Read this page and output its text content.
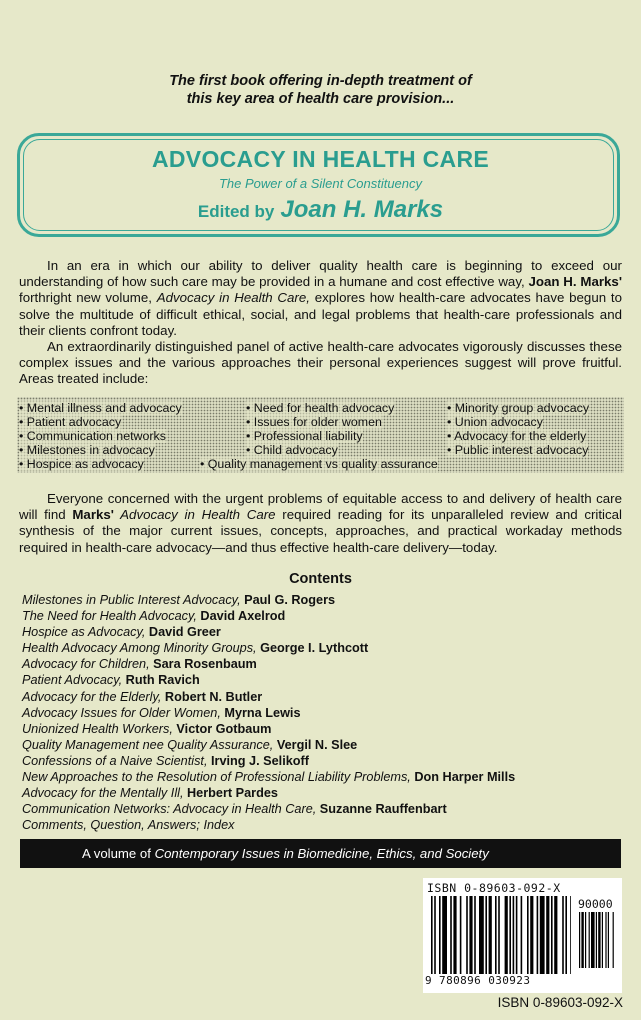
The first book offering in-depth treatment of
this key area of health care provision...
ADVOCACY IN HEALTH CARE
The Power of a Silent Constituency
Edited by Joan H. Marks

In an era in which our ability to deliver quality health care is beginning to exceed our understanding of how such care may be provided in a humane and cost effective way, Joan H. Marks' forthright new volume, Advocacy in Health Care, explores how health-care advocates have begun to solve the multitude of difficult ethical, social, and legal problems that health-care professionals and their clients confront today.

An extraordinarily distinguished panel of active health-care advocates vigorously discusses these complex issues and the various approaches their personal experiences suggest will prove fruitful. Areas treated include:

• Mental illness and advocacy
• Patient advocacy
• Communication networks
• Milestones in advocacy
• Hospice as advocacy
• Need for health advocacy
• Issues for older women
• Professional liability
• Child advocacy
• Quality management vs quality assurance
• Minority group advocacy
• Union advocacy
• Advocacy for the elderly
• Public interest advocacy

Everyone concerned with the urgent problems of equitable access to and delivery of health care will find Marks' Advocacy in Health Care required reading for its unparalleled review and critical synthesis of the major current issues, concepts, approaches, and practical workaday methods required in health-care advocacy—and thus effective health-care delivery—today.

Contents
Milestones in Public Interest Advocacy, Paul G. Rogers
The Need for Health Advocacy, David Axelrod
Hospice as Advocacy, David Greer
Health Advocacy Among Minority Groups, George I. Lythcott
Advocacy for Children, Sara Rosenbaum
Patient Advocacy, Ruth Ravich
Advocacy for the Elderly, Robert N. Butler
Advocacy Issues for Older Women, Myrna Lewis
Unionized Health Workers, Victor Gotbaum
Quality Management nee Quality Assurance, Vergil N. Slee
Confessions of a Naive Scientist, Irving J. Selikoff
New Approaches to the Resolution of Professional Liability Problems, Don Harper Mills
Advocacy for the Mentally Ill, Herbert Pardes
Communication Networks: Advocacy in Health Care, Suzanne Rauffenbart
Comments, Question, Answers; Index
A volume of Contemporary Issues in Biomedicine, Ethics, and Society
ISBN 0-89603-092-X
90000
9 780896 030923
ISBN 0-89603-092-X
